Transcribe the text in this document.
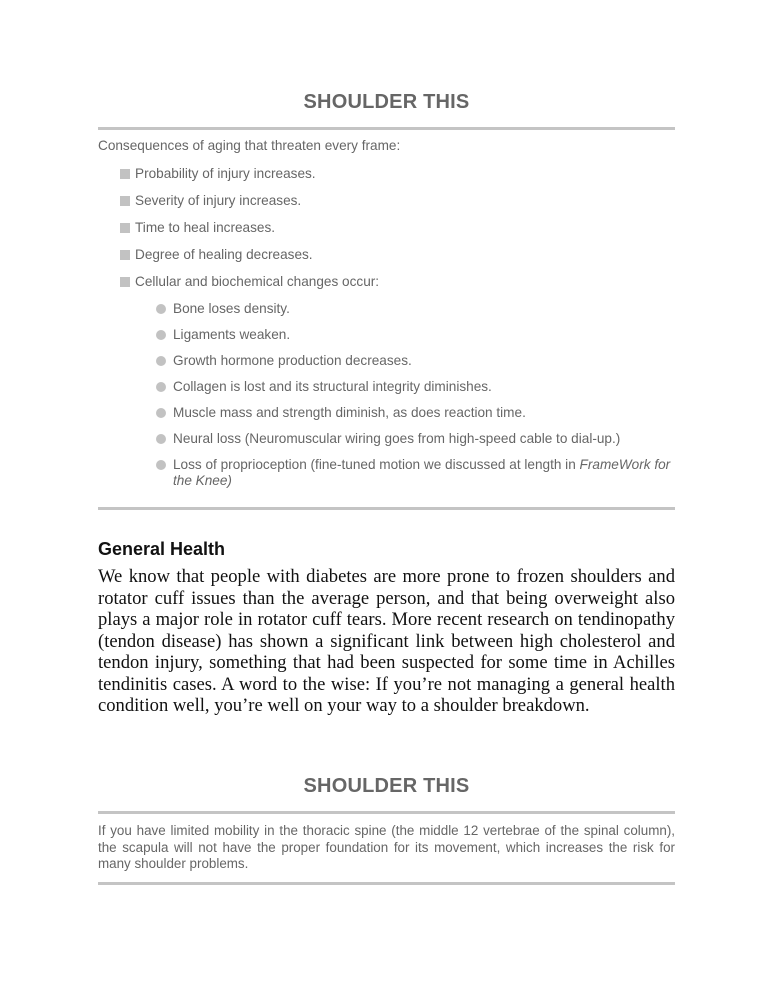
SHOULDER THIS

Consequences of aging that threaten every frame:

Probability of injury increases.
Severity of injury increases.
Time to heal increases.
Degree of healing decreases.
Cellular and biochemical changes occur:
Bone loses density.
Ligaments weaken.
Growth hormone production decreases.
Collagen is lost and its structural integrity diminishes.
Muscle mass and strength diminish, as does reaction time.
Neural loss (Neuromuscular wiring goes from high-speed cable to dial-up.)
Loss of proprioception (fine-tuned motion we discussed at length in FrameWork for the Knee)
General Health

We know that people with diabetes are more prone to frozen shoulders and rotator cuff issues than the average person, and that being overweight also plays a major role in rotator cuff tears. More recent research on tendinopathy (tendon disease) has shown a significant link between high cholesterol and tendon injury, something that had been suspected for some time in Achilles tendinitis cases. A word to the wise: If you’re not managing a general health condition well, you’re well on your way to a shoulder breakdown.

SHOULDER THIS

If you have limited mobility in the thoracic spine (the middle 12 vertebrae of the spinal column), the scapula will not have the proper foundation for its movement, which increases the risk for many shoulder problems.
